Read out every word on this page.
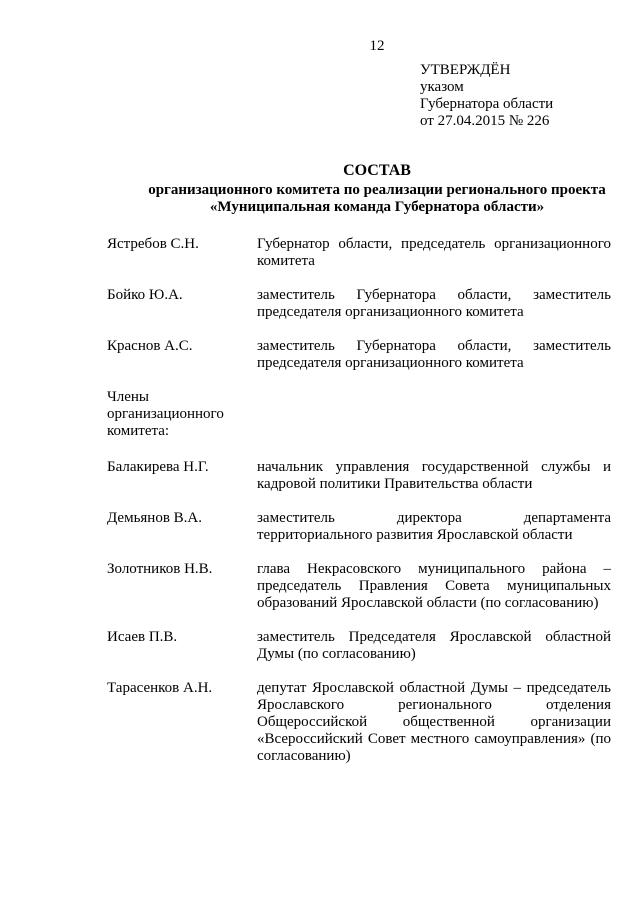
12
УТВЕРЖДЁН
указом
Губернатора области
от 27.04.2015 № 226
СОСТАВ
организационного комитета по реализации регионального проекта
«Муниципальная команда Губернатора области»
Ястребов С.Н.	Губернатор области, председатель организационного
комитета
Бойко Ю.А.	заместитель Губернатора области, заместитель
председателя организационного комитета
Краснов А.С.	заместитель Губернатора области, заместитель
председателя организационного комитета
Члены
организационного
комитета:
Балакирева Н.Г.	начальник управления государственной службы и
кадровой политики Правительства области
Демьянов В.А.	заместитель директора департамента
территориального развития Ярославской области
Золотников Н.В.	глава Некрасовского муниципального района –
председатель Правления Совета муниципальных
образований Ярославской области (по согласованию)
Исаев П.В.	заместитель Председателя Ярославской областной
Думы (по согласованию)
Тарасенков А.Н.	депутат Ярославской областной Думы – председатель
Ярославского регионального отделения
Общероссийской общественной организации
«Всероссийский Совет местного самоуправления» (по
согласованию)
